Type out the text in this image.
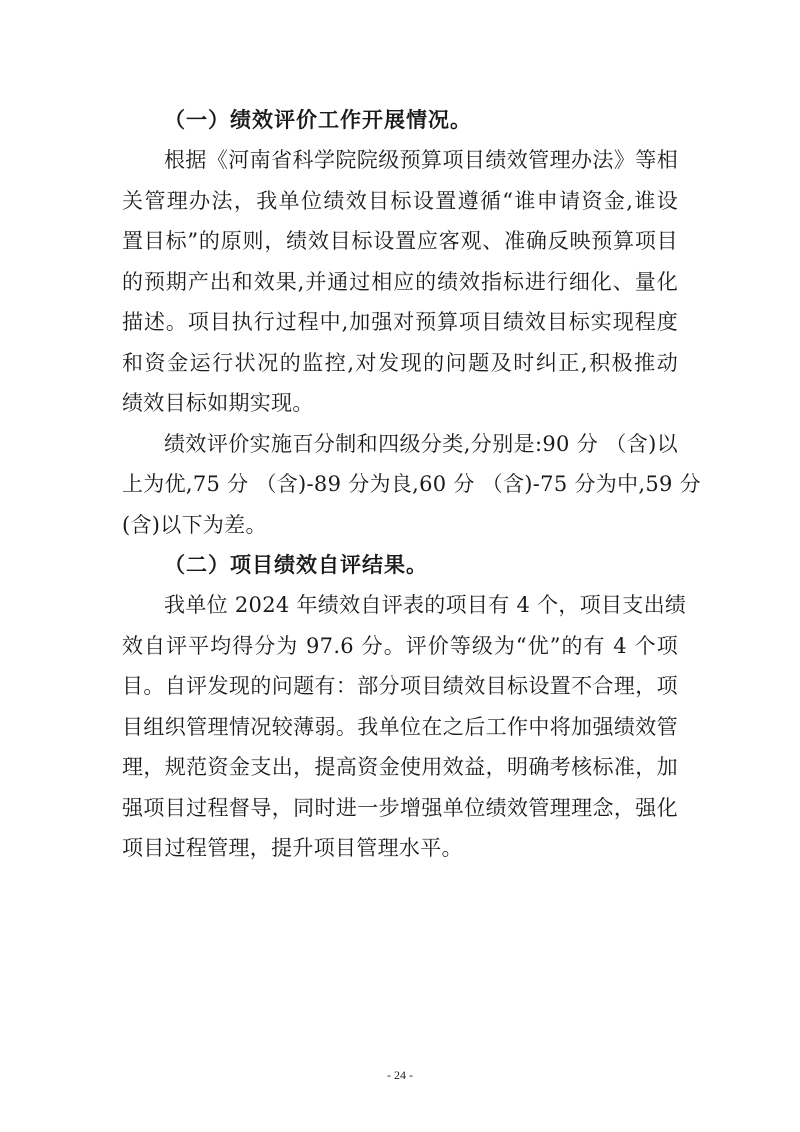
（一）绩效评价工作开展情况。

根据《河南省科学院院级预算项目绩效管理办法》等相
关管理办法，我单位绩效目标设置遵循“谁申请资金,谁设
置目标”的原则，绩效目标设置应客观、准确反映预算项目
的预期产出和效果,并通过相应的绩效指标进行细化、量化
描述。项目执行过程中,加强对预算项目绩效目标实现程度
和资金运行状况的监控,对发现的问题及时纠正,积极推动
绩效目标如期实现。

绩效评价实施百分制和四级分类,分别是:90 分 （含)以
上为优,75 分 （含)-89 分为良,60 分 （含)-75 分为中,59 分
(含)以下为差。

（二）项目绩效自评结果。

我单位 2024 年绩效自评表的项目有 4 个，项目支出绩
效自评平均得分为 97.6 分。评价等级为“优”的有 4 个项
目。自评发现的问题有：部分项目绩效目标设置不合理，项
目组织管理情况较薄弱。我单位在之后工作中将加强绩效管
理，规范资金支出，提高资金使用效益，明确考核标准，加
强项目过程督导，同时进一步增强单位绩效管理理念，强化
项目过程管理，提升项目管理水平。

- 24 -
